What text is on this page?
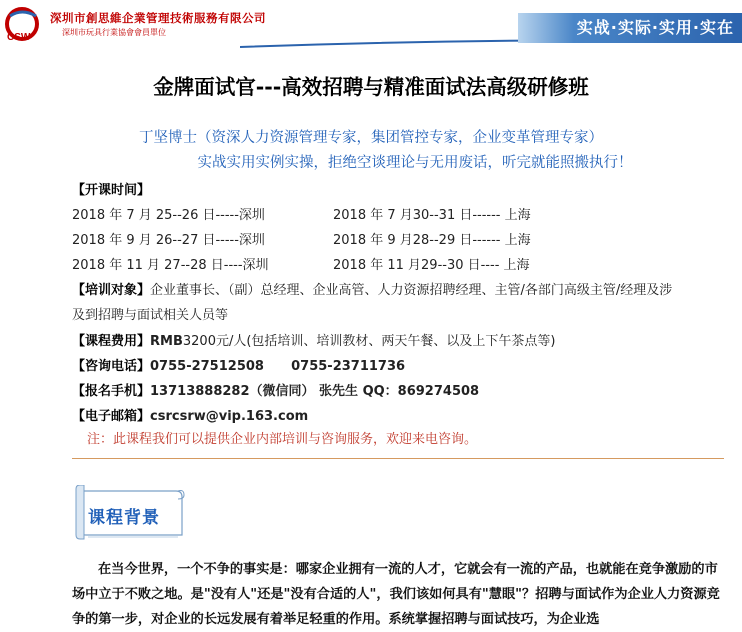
CSW
深圳市創思維企業管理技術服務有限公司
深圳市玩具行業協會會員單位	实战·实际·实用·实在
金牌面试官---高效招聘与精准面试法高级研修班
丁坚博士（资深人力资源管理专家，集团管控专家，企业变革管理专家）
实战实用实例实操，拒绝空谈理论与无用废话，听完就能照搬执行！
【开课时间】
2018 年 7 月 25--26 日-----深圳	2018 年 7 月30--31 日------ 上海
2018 年 9 月 26--27 日-----深圳	2018 年 9 月28--29 日------ 上海
2018 年 11 月 27--28 日----深圳	2018 年 11 月29--30 日---- 上海
【培训对象】企业董事长、（副）总经理、企业高管、人力资源招聘经理、主管/各部门高级主管/经理及涉
及到招聘与面试相关人员等
【课程费用】RMB3200元/人(包括培训、培训教材、两天午餐、以及上下午茶点等)
【咨询电话】0755-27512508      0755-23711736
【报名手机】13713888282（微信同） 张先生 QQ：869274508
【电子邮箱】csrcsrw@vip.163.com
注：此课程我们可以提供企业内部培训与咨询服务，欢迎来电咨询。
课程背景
在当今世界，一个不争的事实是：哪家企业拥有一流的人才，它就会有一流的产品，也就能在竞争激励的市场中立于不败之地。是"没有人"还是"没有合适的人"，我们该如何具有"慧眼"？招聘与面试作为企业人力资源竞争的第一步，对企业的长远发展有着举足轻重的作用。系统掌握招聘与面试技巧，为企业选
